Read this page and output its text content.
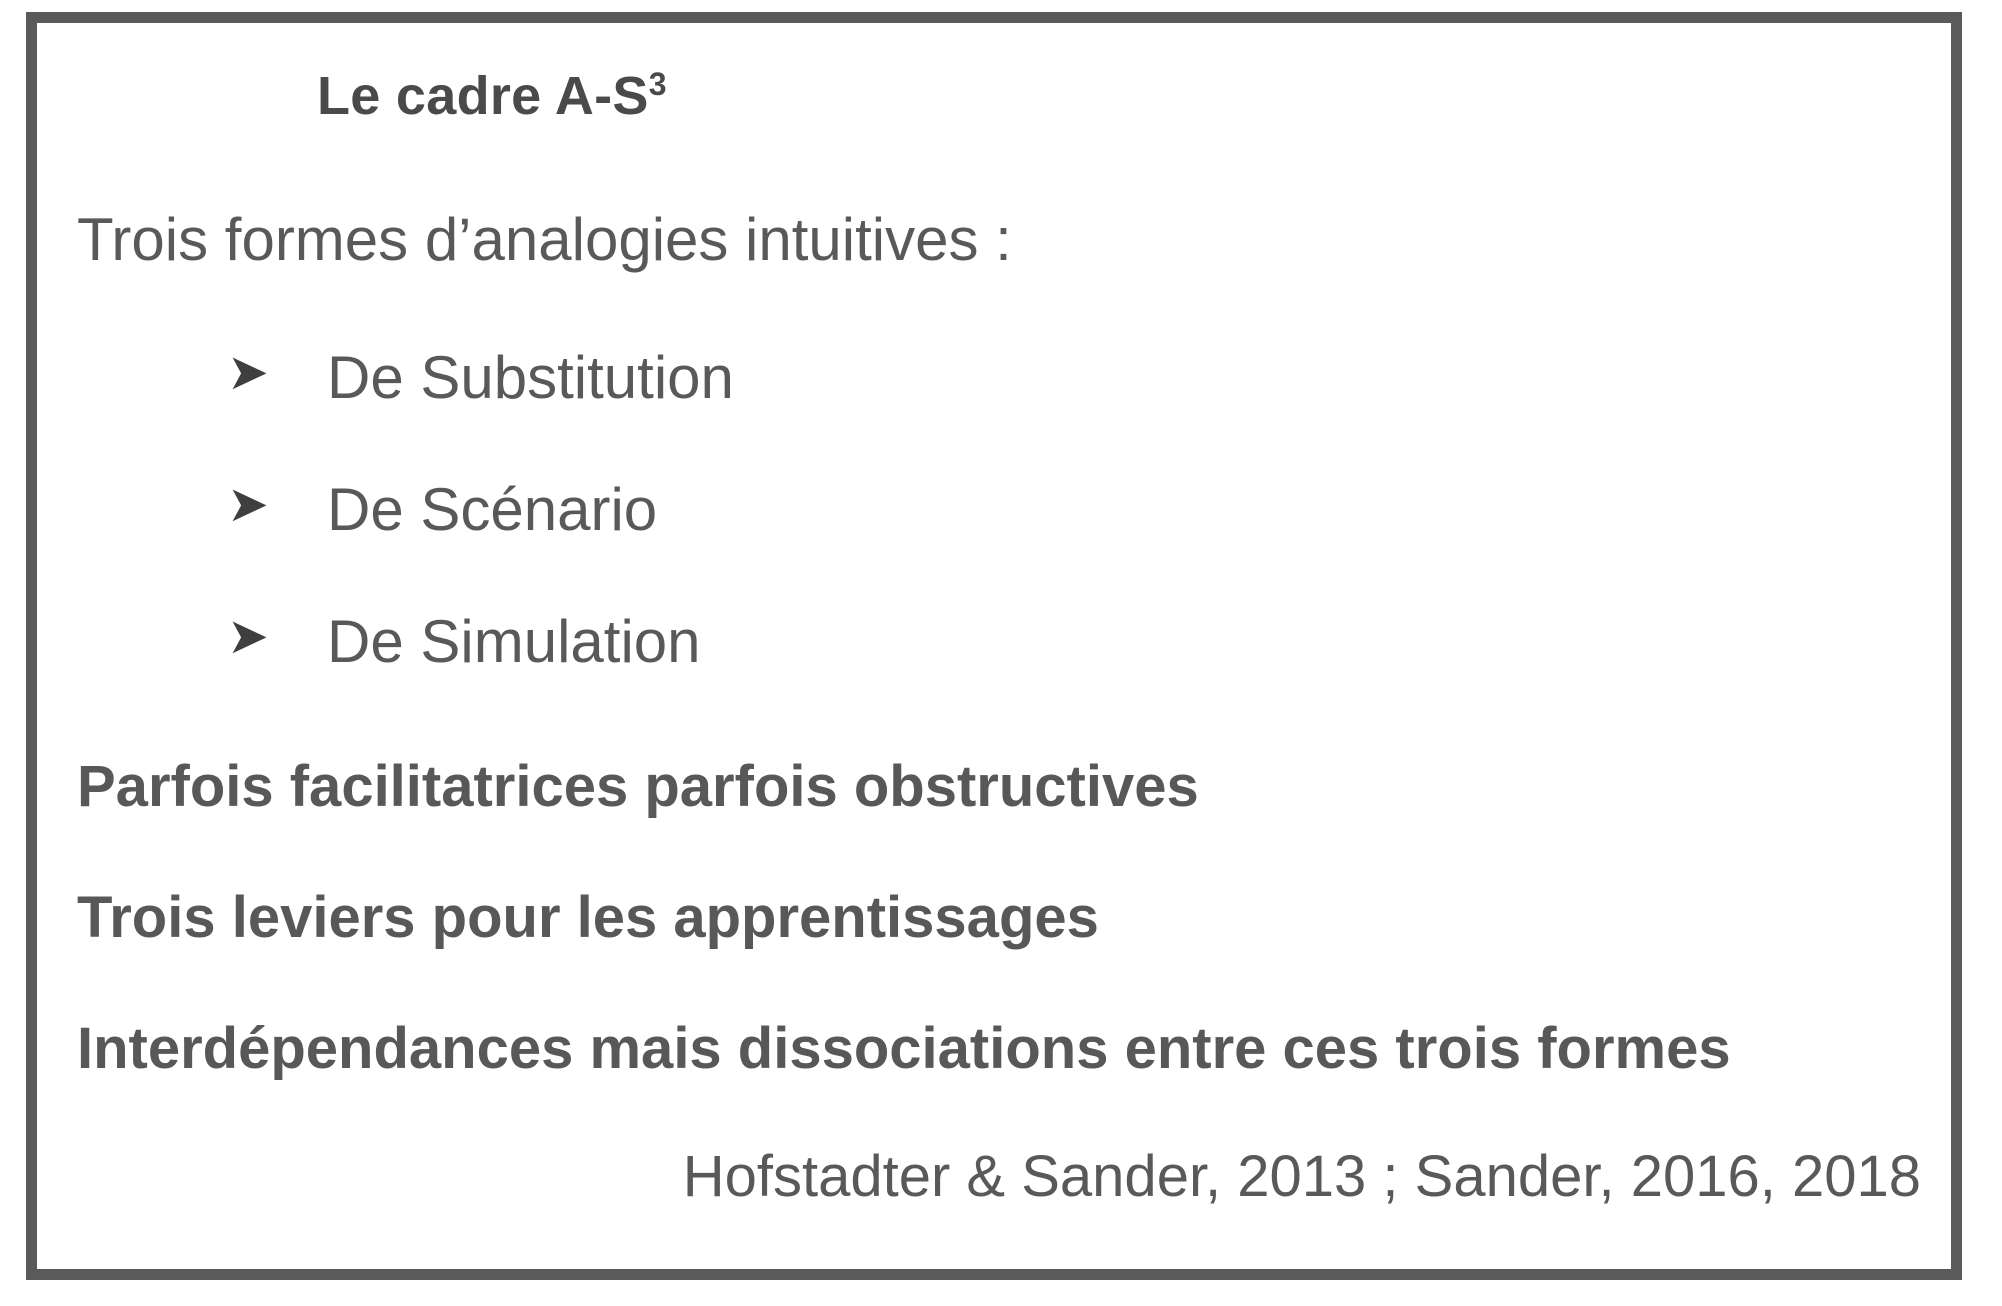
Le cadre $A-S^3$
Trois formes d’analogies intuitives :
➤ De Substitution
➤ De Scénario
➤ De Simulation
Parfois facilitatrices parfois obstructives
Trois leviers pour les apprentissages
Interdépendances mais dissociations entre ces trois formes
Hofstadter & Sander, 2013 ; Sander, 2016, 2018
